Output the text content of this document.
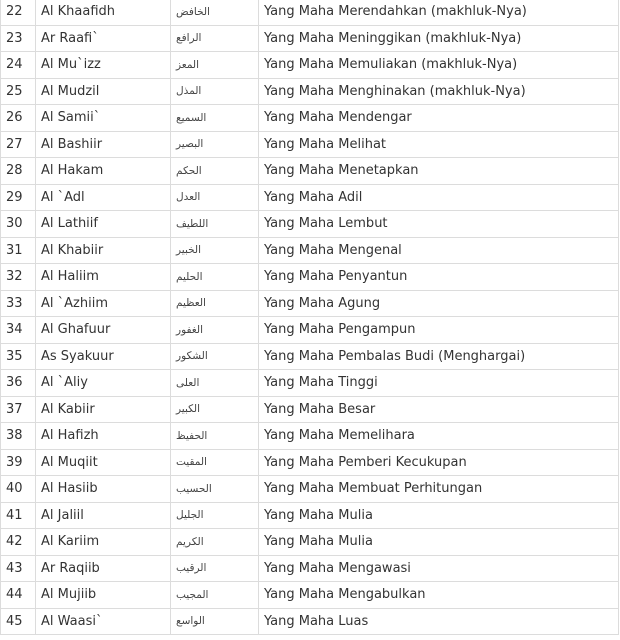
22	Al Khaafidh	الخافض	Yang Maha Merendahkan (makhluk-Nya)
23	Ar Raafi`	الرافع	Yang Maha Meninggikan (makhluk-Nya)
24	Al Mu`izz	المعز	Yang Maha Memuliakan (makhluk-Nya)
25	Al Mudzil	المذل	Yang Maha Menghinakan (makhluk-Nya)
26	Al Samii`	السميع	Yang Maha Mendengar
27	Al Bashiir	البصير	Yang Maha Melihat
28	Al Hakam	الحكم	Yang Maha Menetapkan
29	Al `Adl	العدل	Yang Maha Adil
30	Al Lathiif	اللطيف	Yang Maha Lembut
31	Al Khabiir	الخبير	Yang Maha Mengenal
32	Al Haliim	الحليم	Yang Maha Penyantun
33	Al `Azhiim	العظيم	Yang Maha Agung
34	Al Ghafuur	الغفور	Yang Maha Pengampun
35	As Syakuur	الشكور	Yang Maha Pembalas Budi (Menghargai)
36	Al `Aliy	العلى	Yang Maha Tinggi
37	Al Kabiir	الكبير	Yang Maha Besar
38	Al Hafizh	الحفيظ	Yang Maha Memelihara
39	Al Muqiit	المقيت	Yang Maha Pemberi Kecukupan
40	Al Hasiib	الحسيب	Yang Maha Membuat Perhitungan
41	Al Jaliil	الجليل	Yang Maha Mulia
42	Al Kariim	الكريم	Yang Maha Mulia
43	Ar Raqiib	الرقيب	Yang Maha Mengawasi
44	Al Mujiib	المجيب	Yang Maha Mengabulkan
45	Al Waasi`	الواسع	Yang Maha Luas
